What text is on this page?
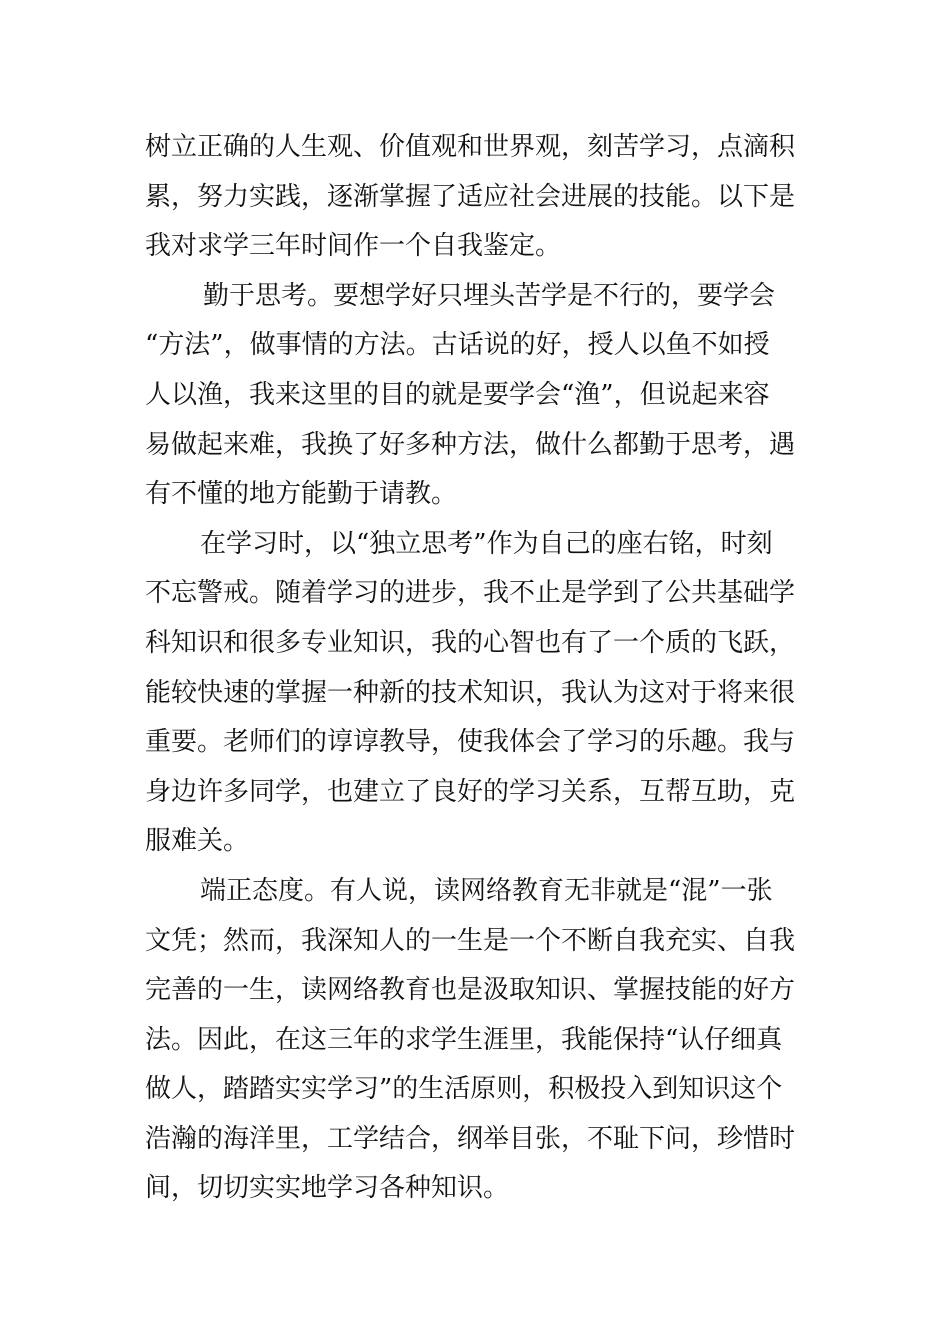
树立正确的人生观、价值观和世界观，刻苦学习，点滴积
累，努力实践，逐渐掌握了适应社会进展的技能。以下是
我对求学三年时间作一个自我鉴定。

勤于思考。要想学好只埋头苦学是不行的，要学会
“方法”，做事情的方法。古话说的好，授人以鱼不如授
人以渔，我来这里的目的就是要学会“渔”，但说起来容
易做起来难，我换了好多种方法，做什么都勤于思考，遇
有不懂的地方能勤于请教。

在学习时，以“独立思考”作为自己的座右铭，时刻
不忘警戒。随着学习的进步，我不止是学到了公共基础学
科知识和很多专业知识，我的心智也有了一个质的飞跃，
能较快速的掌握一种新的技术知识，我认为这对于将来很
重要。老师们的谆谆教导，使我体会了学习的乐趣。我与
身边许多同学，也建立了良好的学习关系，互帮互助，克
服难关。

端正态度。有人说，读网络教育无非就是“混”一张
文凭；然而，我深知人的一生是一个不断自我充实、自我
完善的一生，读网络教育也是汲取知识、掌握技能的好方
法。因此，在这三年的求学生涯里，我能保持“认仔细真
做人，踏踏实实学习”的生活原则，积极投入到知识这个
浩瀚的海洋里，工学结合，纲举目张，不耻下问，珍惜时
间，切切实实地学习各种知识。
